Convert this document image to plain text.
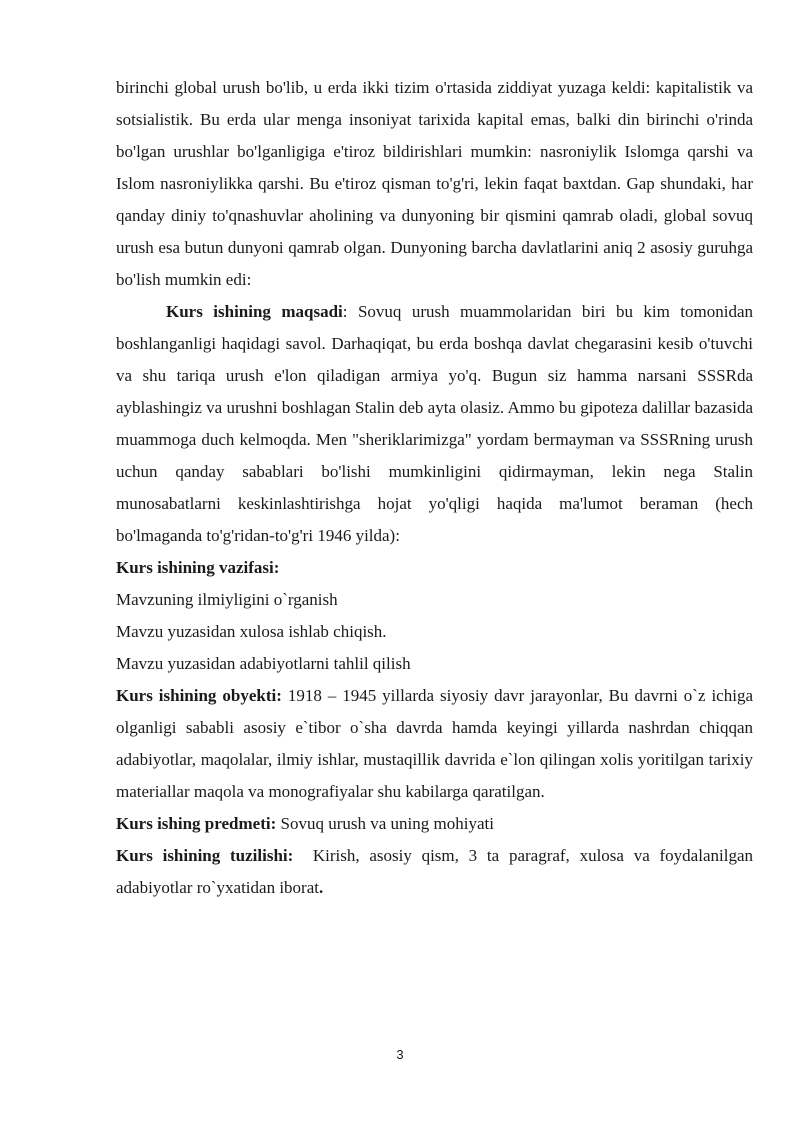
birinchi global urush bo'lib, u erda ikki tizim o'rtasida ziddiyat yuzaga keldi: kapitalistik va sotsialistik. Bu erda ular menga insoniyat tarixida kapital emas, balki din birinchi o'rinda bo'lgan urushlar bo'lganligiga e'tiroz bildirishlari mumkin: nasroniylik Islomga qarshi va Islom nasroniylikka qarshi. Bu e'tiroz qisman to'g'ri, lekin faqat baxtdan. Gap shundaki, har qanday diniy to'qnashuvlar aholining va dunyoning bir qismini qamrab oladi, global sovuq urush esa butun dunyoni qamrab olgan. Dunyoning barcha davlatlarini aniq 2 asosiy guruhga bo'lish mumkin edi:

Kurs ishining maqsadi: Sovuq urush muammolaridan biri bu kim tomonidan boshlanganligi haqidagi savol. Darhaqiqat, bu erda boshqa davlat chegarasini kesib o'tuvchi va shu tariqa urush e'lon qiladigan armiya yo'q. Bugun siz hamma narsani SSSRda ayblashingiz va urushni boshlagan Stalin deb ayta olasiz. Ammo bu gipoteza dalillar bazasida muammoga duch kelmoqda. Men "sheriklarimizga" yordam bermayman va SSSRning urush uchun qanday sabablari bo'lishi mumkinligini qidirmayman, lekin nega Stalin munosabatlarni keskinlashtirishga hojat yo'qligi haqida ma'lumot beraman (hech bo'lmaganda to'g'ridan-to'g'ri 1946 yilda):

Kurs ishining vazifasi:

Mavzuning ilmiyligini o`rganish

Mavzu yuzasidan xulosa ishlab chiqish.

Mavzu yuzasidan adabiyotlarni tahlil qilish

Kurs ishining obyekti: 1918 – 1945 yillarda siyosiy davr jarayonlar, Bu davrni o`z ichiga olganligi sababli asosiy e`tibor o`sha davrda hamda keyingi yillarda nashrdan chiqqan adabiyotlar, maqolalar, ilmiy ishlar, mustaqillik davrida e`lon qilingan xolis yoritilgan tarixiy materiallar maqola va monografiyalar shu kabilarga qaratilgan.

Kurs ishing predmeti: Sovuq urush va uning mohiyati

Kurs ishining tuzilishi:  Kirish, asosiy qism, 3 ta paragraf, xulosa va foydalanilgan adabiyotlar ro`yxatidan iborat.

3
